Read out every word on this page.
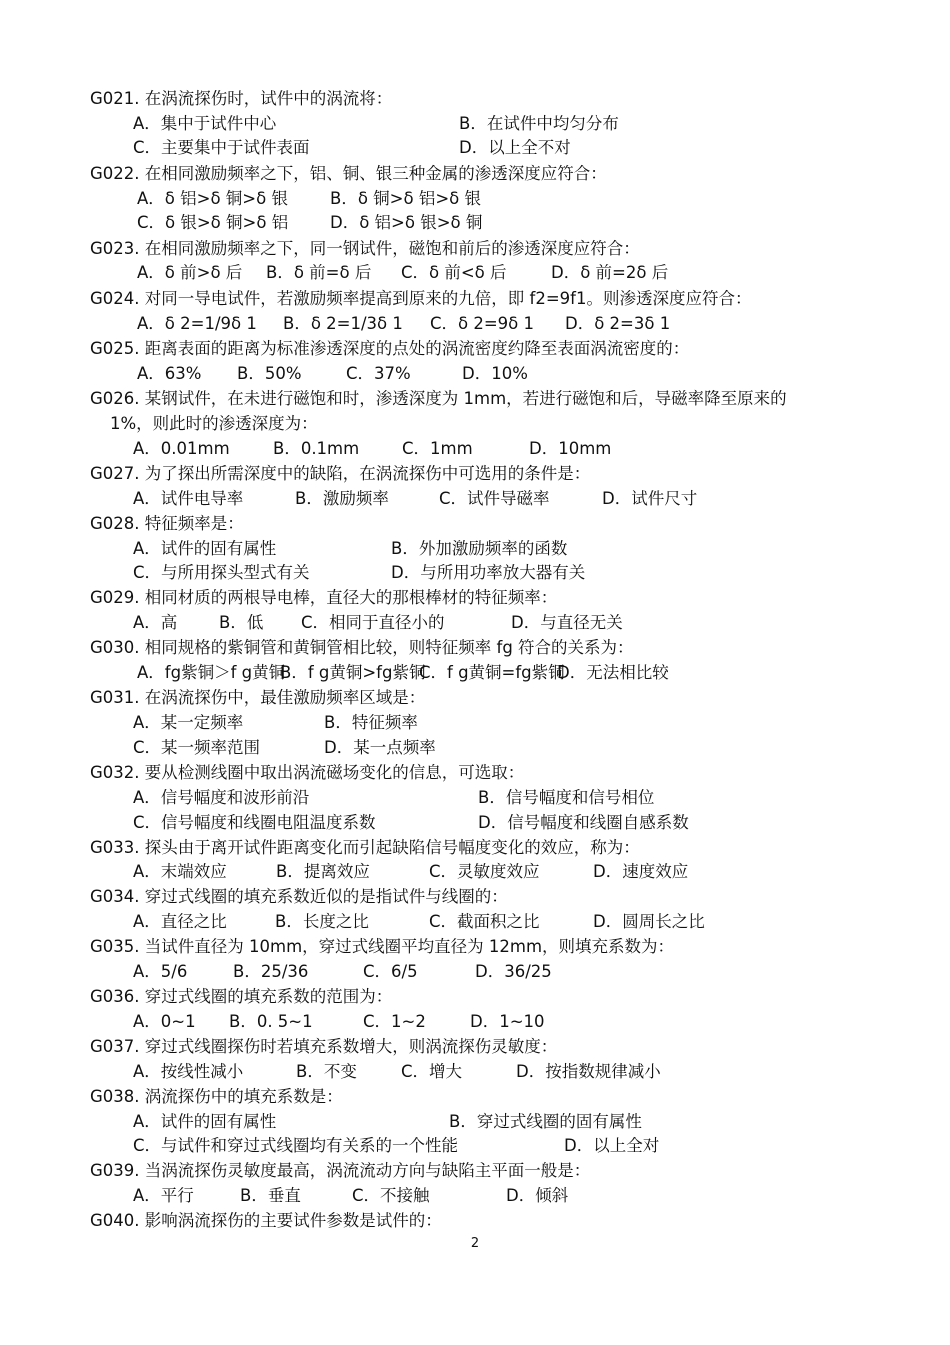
G021. 在涡流探伤时，试件中的涡流将：
A．集中于试件中心	B．在试件中均匀分布
C．主要集中于试件表面	D．以上全不对
G022. 在相同激励频率之下，铝、铜、银三种金属的渗透深度应符合：
A．δ 铝>δ 铜>δ 银	B．δ 铜>δ 铝>δ 银
C．δ 银>δ 铜>δ 铝	D．δ 铝>δ 银>δ 铜
G023. 在相同激励频率之下，同一钢试件，磁饱和前后的渗透深度应符合：
A．δ 前>δ 后 B．δ 前=δ 后 C．δ 前<δ 后	D．δ 前=2δ 后
G024. 对同一导电试件，若激励频率提高到原来的九倍，即 f2=9f1。则渗透深度应符合：
A．δ 2=1/9δ 1 B．δ 2=1/3δ 1 C．δ 2=9δ 1 D．δ 2=3δ 1
G025. 距离表面的距离为标准渗透深度的点处的涡流密度约降至表面涡流密度的：
A．63% B．50%	C．37%	D．10%
G026. 某钢试件，在未进行磁饱和时，渗透深度为 1mm，若进行磁饱和后，导磁率降至原来的
1%，则此时的渗透深度为：
A．0.01mm	B．0.1mm	C．1mm	D．10mm
G027. 为了探出所需深度中的缺陷，在涡流探伤中可选用的条件是：
A．试件电导率	B．激励频率	C．试件导磁率	D．试件尺寸
G028. 特征频率是：
A．试件的固有属性	B．外加激励频率的函数
C．与所用探头型式有关	D．与所用功率放大器有关
G029. 相同材质的两根导电棒，直径大的那根棒材的特征频率：
A．高	B．低 C．相同于直径小的	D．与直径无关
G030. 相同规格的紫铜管和黄铜管相比较，则特征频率 fg 符合的关系为：
A．fg紫铜＞f g黄铜
B．f g黄铜>fg紫铜
C．f g黄铜=fg紫铜
D．无法相比较
G031. 在涡流探伤中，最佳激励频率区域是：
A．某一定频率	B．特征频率
C．某一频率范围	D．某一点频率
G032. 要从检测线圈中取出涡流磁场变化的信息，可选取：
A．信号幅度和波形前沿	B．信号幅度和信号相位
C．信号幅度和线圈电阻温度系数	D．信号幅度和线圈自感系数
G033. 探头由于离开试件距离变化而引起缺陷信号幅度变化的效应，称为：
A．末端效应	B．提离效应	C．灵敏度效应	D．速度效应
G034. 穿过式线圈的填充系数近似的是指试件与线圈的：
A．直径之比	B．长度之比	C．截面积之比	D．圆周长之比
G035. 当试件直径为 10mm，穿过式线圈平均直径为 12mm，则填充系数为：
A．5/6	B．25/36	C．6/5	D．36/25
G036. 穿过式线圈的填充系数的范围为：
A．0~1 B．0. 5~1	C．1~2	D．1~10
G037. 穿过式线圈探伤时若填充系数增大，则涡流探伤灵敏度：
A．按线性减小	B．不变	C．增大	D．按指数规律减小
G038. 涡流探伤中的填充系数是：
A．试件的固有属性	B．穿过式线圈的固有属性
C．与试件和穿过式线圈均有关系的一个性能	D．以上全对
G039. 当涡流探伤灵敏度最高，涡流流动方向与缺陷主平面一般是：
A．平行	B．垂直	C．不接触	D．倾斜
G040. 影响涡流探伤的主要试件参数是试件的：
2
